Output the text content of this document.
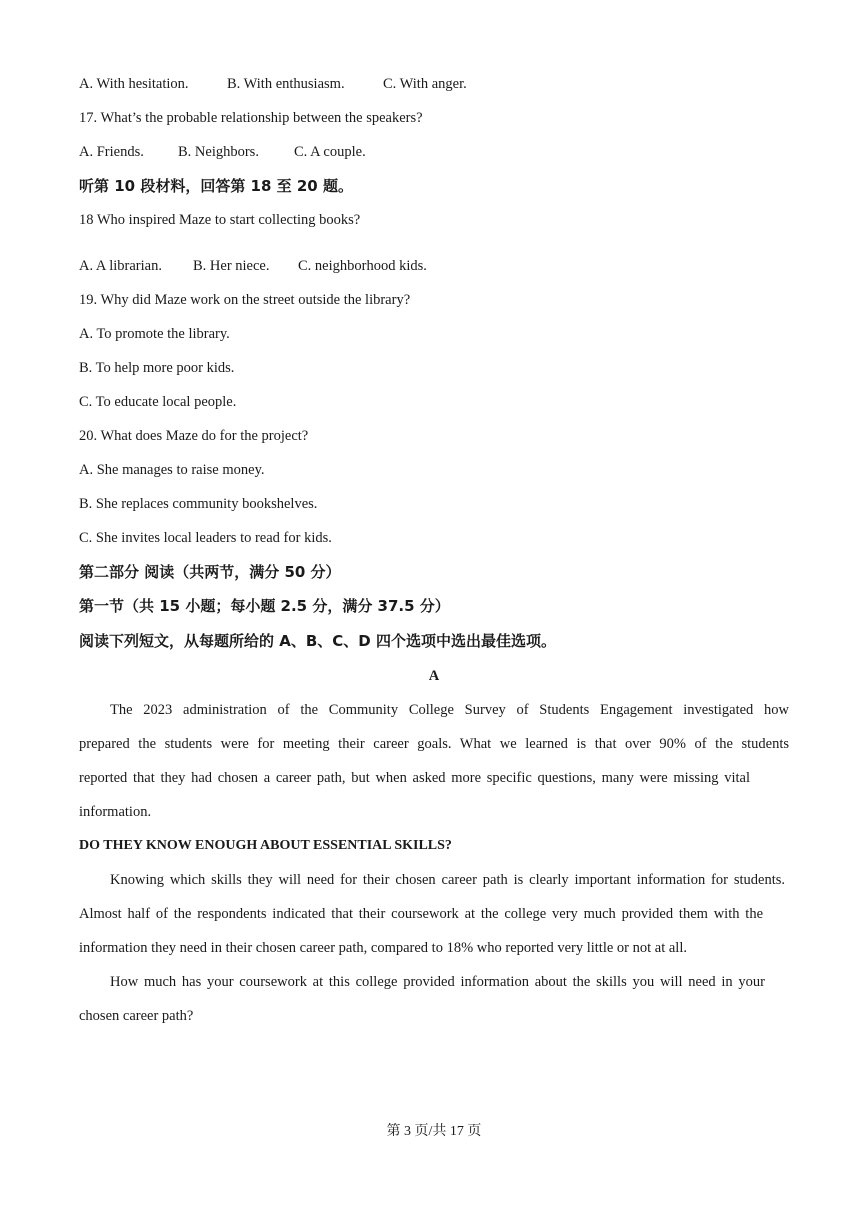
A. With hesitation.	B. With enthusiasm.	C. With anger.
17. What’s the probable relationship between the speakers?
A. Friends. B. Neighbors. C. A couple.
听第 10 段材料，回答第 18 至 20 题。
18 Who inspired Maze to start collecting books?
A. A librarian. B. Her niece. C. neighborhood kids.
19. Why did Maze work on the street outside the library?
A. To promote the library.
B. To help more poor kids.
C. To educate local people.
20. What does Maze do for the project?
A. She manages to raise money.
B. She replaces community bookshelves.
C. She invites local leaders to read for kids.
第二部分 阅读（共两节，满分 50 分）
第一节（共 15 小题；每小题 2.5 分，满分 37.5 分）
阅读下列短文，从每题所给的 A、B、C、D 四个选项中选出最佳选项。
A
The 2023 administration of the Community College Survey of Students Engagement investigated how
prepared the students were for meeting their career goals. What we learned is that over 90% of the students
reported that they had chosen a career path, but when asked more specific questions, many were missing vital
information.
DO THEY KNOW ENOUGH ABOUT ESSENTIAL SKILLS?
Knowing which skills they will need for their chosen career path is clearly important information for students.
Almost half of the respondents indicated that their coursework at the college very much provided them with the
information they need in their chosen career path, compared to 18% who reported very little or not at all.
How much has your coursework at this college provided information about the skills you will need in your
chosen career path?
第 3 页/共 17 页
